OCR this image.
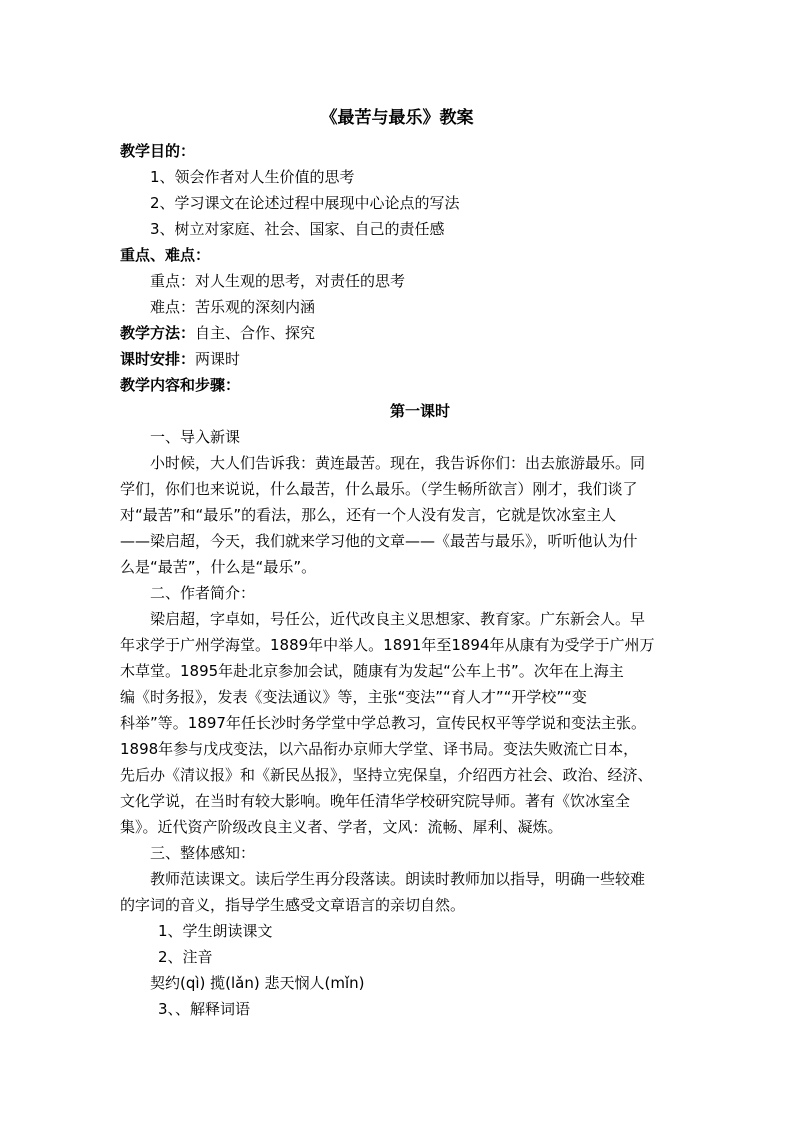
《最苦与最乐》教案
教学目的：
1、领会作者对人生价值的思考
2、学习课文在论述过程中展现中心论点的写法
3、树立对家庭、社会、国家、自己的责任感
重点、难点：
重点：对人生观的思考，对责任的思考
难点：苦乐观的深刻内涵
教学方法：自主、合作、探究
课时安排：两课时
教学内容和步骤：
第一课时
一、导入新课
小时候，大人们告诉我：黄连最苦。现在，我告诉你们：出去旅游最乐。同
学们，你们也来说说，什么最苦，什么最乐。（学生畅所欲言）刚才，我们谈了
对“最苦”和“最乐”的看法，那么，还有一个人没有发言，它就是饮冰室主人
——梁启超，今天，我们就来学习他的文章——《最苦与最乐》，听听他认为什
么是“最苦”，什么是“最乐”。
二、作者简介：
梁启超，字卓如，号任公，近代改良主义思想家、教育家。广东新会人。早
年求学于广州学海堂。1889年中举人。1891年至1894年从康有为受学于广州万
木草堂。1895年赴北京参加会试，随康有为发起“公车上书”。次年在上海主
编《时务报》，发表《变法通议》等，主张“变法”“育人才”“开学校”“变
科举”等。1897年任长沙时务学堂中学总教习，宣传民权平等学说和变法主张。
1898年参与戊戌变法，以六品衔办京师大学堂、译书局。变法失败流亡日本，
先后办《清议报》和《新民丛报》，坚持立宪保皇，介绍西方社会、政治、经济、
文化学说，在当时有较大影响。晚年任清华学校研究院导师。著有《饮冰室全
集》。近代资产阶级改良主义者、学者，文风：流畅、犀利、凝炼。
三、整体感知：
教师范读课文。读后学生再分段落读。朗读时教师加以指导，明确一些较难
的字词的音义，指导学生感受文章语言的亲切自然。
1、学生朗读课文
2、注音
契约(qì) 揽(lǎn) 悲天悯人(mǐn)
3、、解释词语
